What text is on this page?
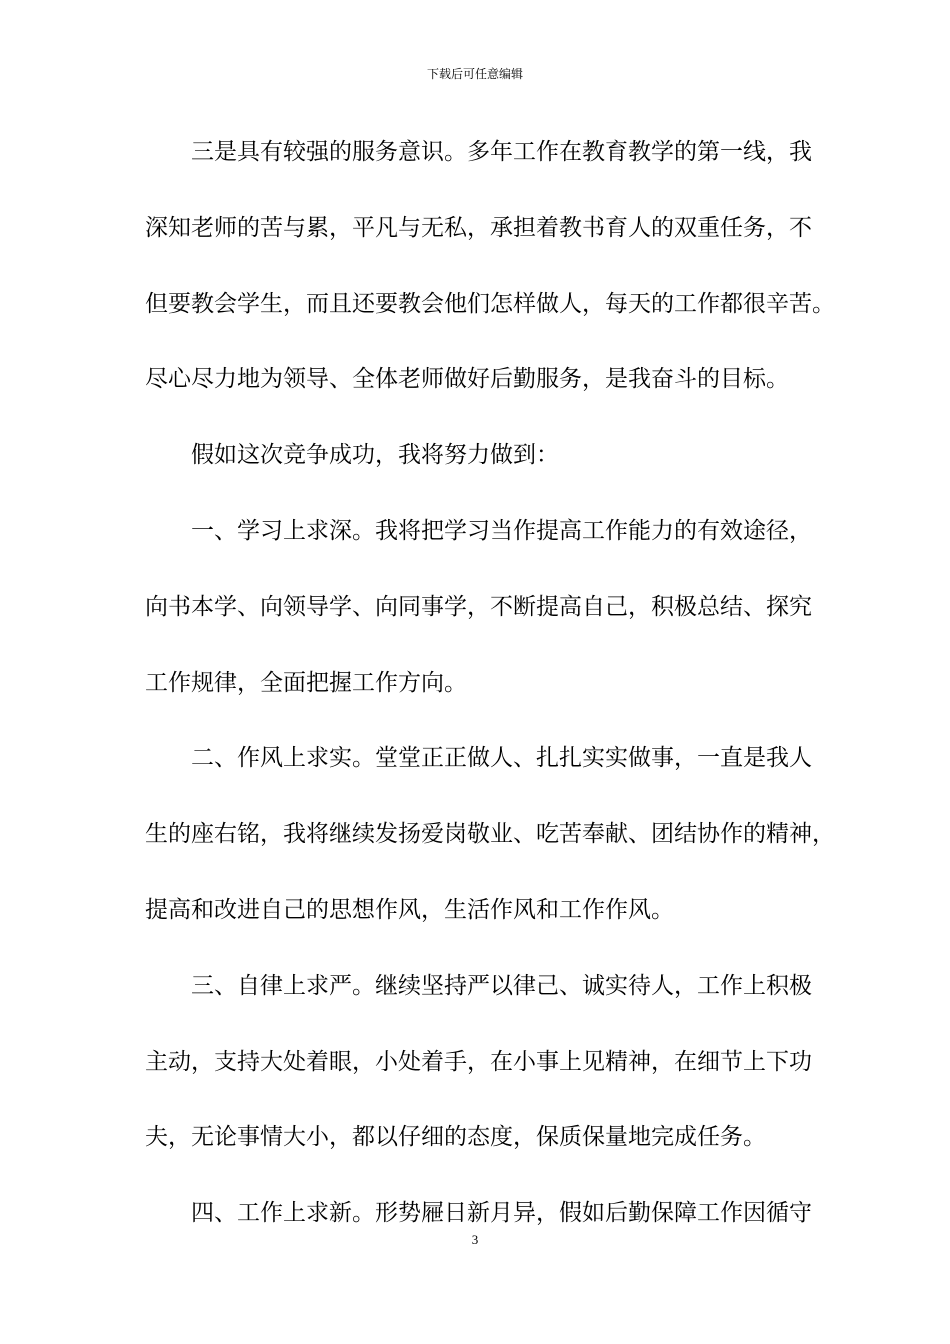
下载后可任意编辑
三是具有较强的服务意识。多年工作在教育教学的第一线，我
深知老师的苦与累，平凡与无私，承担着教书育人的双重任务，不
但要教会学生，而且还要教会他们怎样做人，每天的工作都很辛苦。
尽心尽力地为领导、全体老师做好后勤服务，是我奋斗的目标。
假如这次竞争成功，我将努力做到：
一、学习上求深。我将把学习当作提高工作能力的有效途径，
向书本学、向领导学、向同事学，不断提高自己，积极总结、探究
工作规律，全面把握工作方向。
二、作风上求实。堂堂正正做人、扎扎实实做事，一直是我人
生的座右铭，我将继续发扬爱岗敬业、吃苦奉献、团结协作的精神，
提高和改进自己的思想作风，生活作风和工作作风。
三、自律上求严。继续坚持严以律己、诚实待人，工作上积极
主动，支持大处着眼，小处着手，在小事上见精神，在细节上下功
夫，无论事情大小，都以仔细的态度，保质保量地完成任务。
四、工作上求新。形势屜日新月异，假如后勤保障工作因循守
3
